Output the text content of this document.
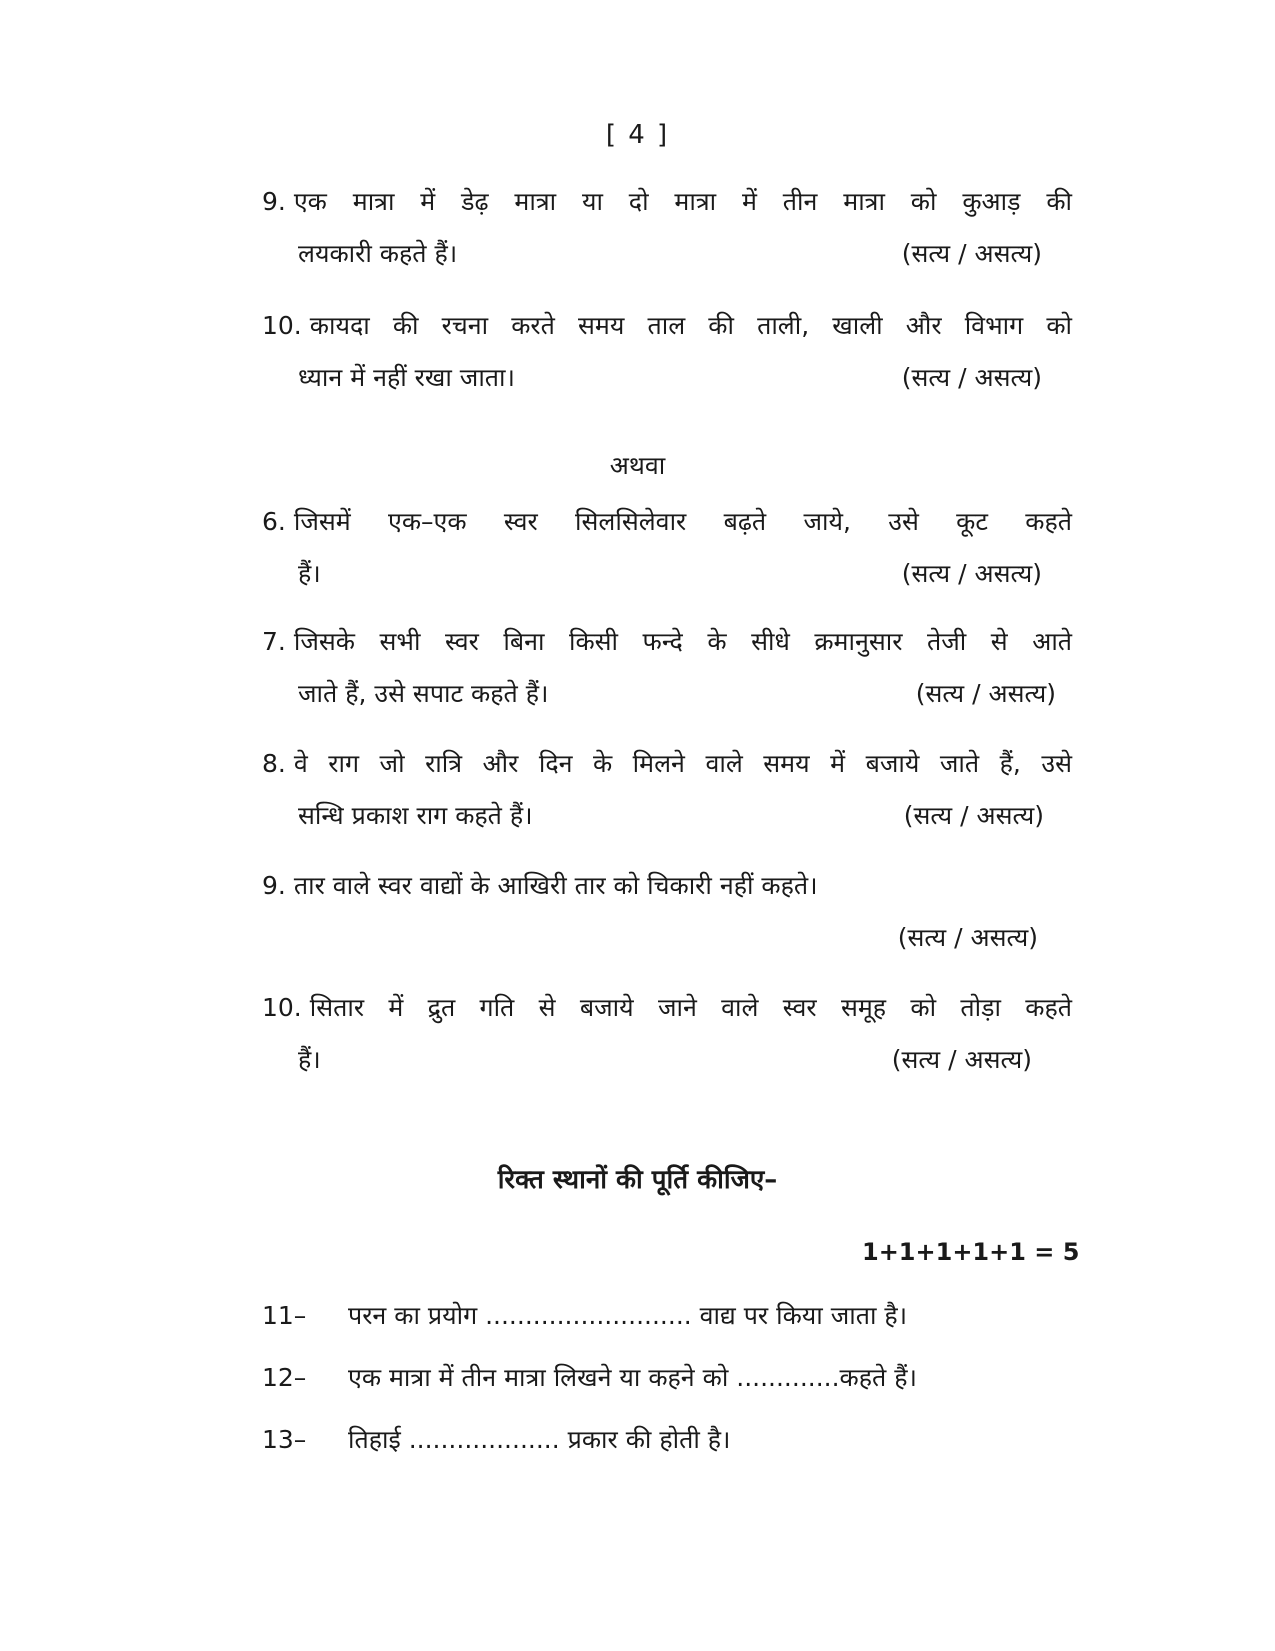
[ 4 ]
9. एक मात्रा में डेढ़ मात्रा या दो मात्रा में तीन मात्रा को कुआड़ की
लयकारी कहते हैं।	(सत्य / असत्य)
10. कायदा की रचना करते समय ताल की ताली, खाली और विभाग को
ध्यान में नहीं रखा जाता।	(सत्य / असत्य)
अथवा
6. जिसमें एक–एक स्वर सिलसिलेवार बढ़ते जाये, उसे कूट कहते
हैं।	(सत्य / असत्य)
7. जिसके सभी स्वर बिना किसी फन्दे के सीधे क्रमानुसार तेजी से आते
जाते हैं, उसे सपाट कहते हैं।	(सत्य / असत्य)
8. वे राग जो रात्रि और दिन के मिलने वाले समय में बजाये जाते हैं, उसे
सन्धि प्रकाश राग कहते हैं।	(सत्य / असत्य)
9. तार वाले स्वर वाद्यों के आखिरी तार को चिकारी नहीं कहते।
(सत्य / असत्य)
10. सितार में द्रुत गति से बजाये जाने वाले स्वर समूह को तोड़ा कहते
हैं।	(सत्य / असत्य)
रिक्त स्थानों की पूर्ति कीजिए–
1+1+1+1+1 = 5
11–	परन का प्रयोग .......................... वाद्य पर किया जाता है।
12–	एक मात्रा में तीन मात्रा लिखने या कहने को .............कहते हैं।
13–	तिहाई ................... प्रकार की होती है।
